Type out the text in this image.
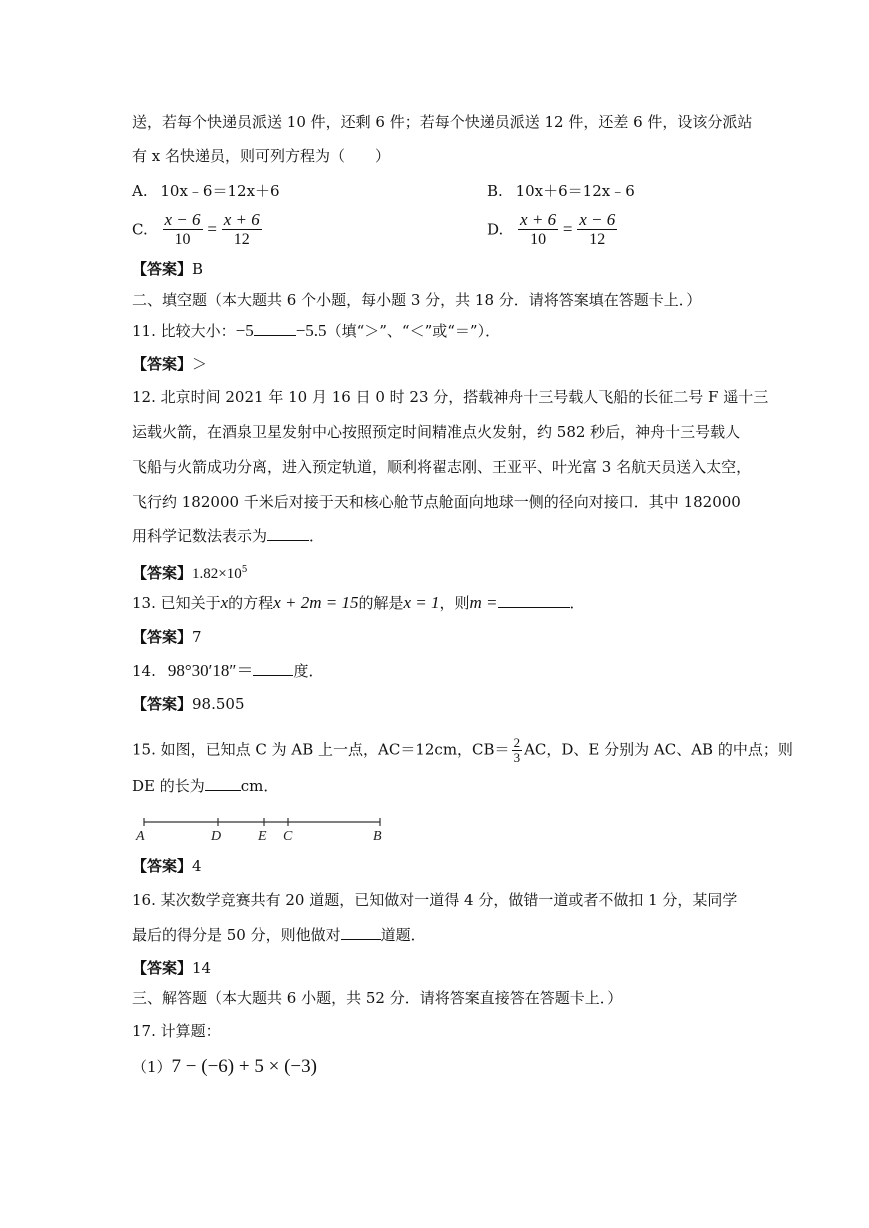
送，若每个快递员派送 10 件，还剩 6 件；若每个快递员派送 12 件，还差 6 件，设该分派站
有 x 名快递员，则可列方程为（　　）
A. 10x﹣6＝12x＋6	B. 10x＋6＝12x﹣6
C. $\frac{x - 6}{10} = \frac{x + 6}{12}$	D. $\frac{x + 6}{10} = \frac{x - 6}{12}$
【答案】B
二、填空题（本大题共 6 个小题，每小题 3 分，共 18 分．请将答案填在答题卡上．）
11. 比较大小：−5 −5.5（填“＞”、“＜”或“＝”）．
【答案】＞
12. 北京时间 2021 年 10 月 16 日 0 时 23 分，搭载神舟十三号载人飞船的长征二号 F 遥十三
运载火箭，在酒泉卫星发射中心按照预定时间精准点火发射，约 582 秒后，神舟十三号载人
飞船与火箭成功分离，进入预定轨道，顺利将翟志刚、王亚平、叶光富 3 名航天员送入太空，
飞行约 182000 千米后对接于天和核心舱节点舱面向地球一侧的径向对接口．其中 182000
用科学记数法表示为	．
【答案】$1.82\times 10^5$
13. 已知关于x的方程x + 2m = 15的解是x = 1，则m =	．
【答案】7
14. 98°30′18″＝	度．
【答案】98.505
15. 如图，已知点 C 为 AB 上一点，AC＝12cm，$CB= \frac{2}{3}$ AC，D、E 分别为 AC、AB 的中点；则
DE 的长为 cm．
A	D	E C	B
【答案】4
16. 某次数学竞赛共有 20 道题，已知做对一道得 4 分，做错一道或者不做扣 1 分，某同学
最后的得分是 50 分，则他做对	道题．
【答案】14
三、解答题（本大题共 6 小题，共 52 分．请将答案直接答在答题卡上．）
17. 计算题：
（1）7 − (−6) + 5 × (−3)
